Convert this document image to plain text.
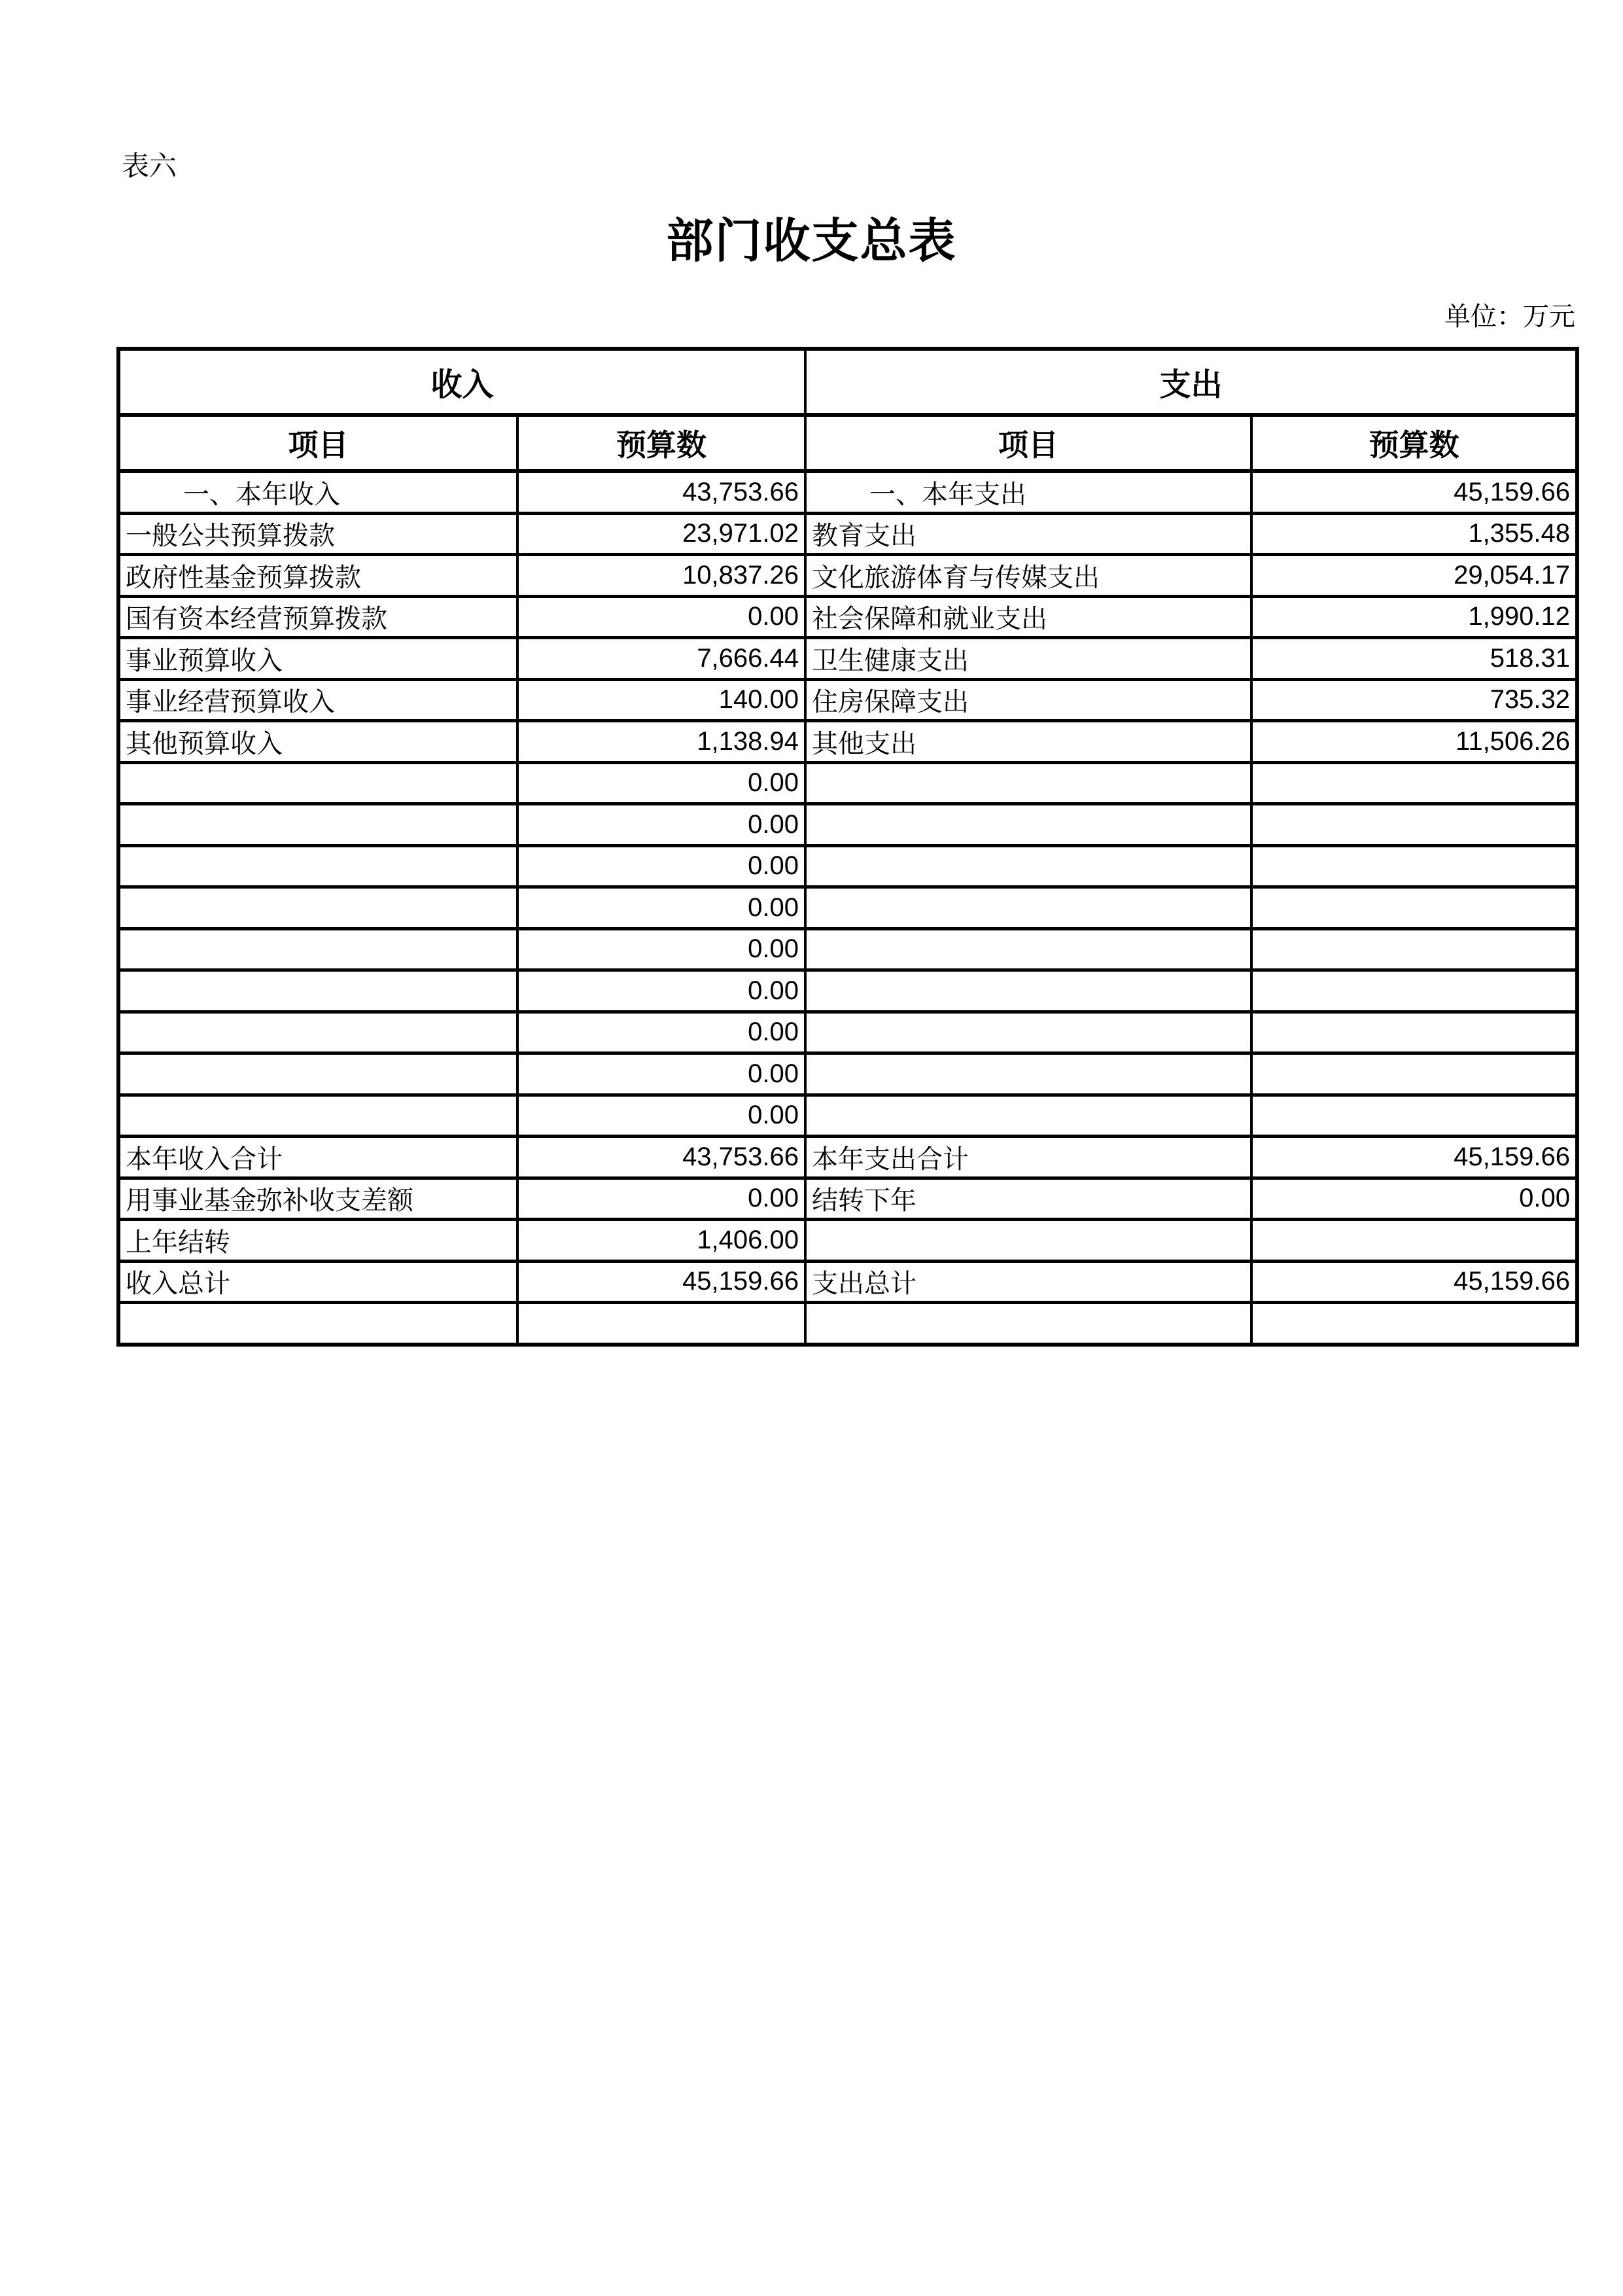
表六
部门收支总表
单位：万元
收入		支出	
项目	预算数	项目	预算数
一、本年收入	43,753.66	一、本年支出	45,159.66
一般公共预算拨款	23,971.02	教育支出	1,355.48
政府性基金预算拨款	10,837.26	文化旅游体育与传媒支出	29,054.17
国有资本经营预算拨款	0.00	社会保障和就业支出	1,990.12
事业预算收入	7,666.44	卫生健康支出	518.31
事业经营预算收入	140.00	住房保障支出	735.32
其他预算收入	1,138.94	其他支出	11,506.26
	0.00		
	0.00		
	0.00		
	0.00		
	0.00		
	0.00		
	0.00		
	0.00		
	0.00		
本年收入合计	43,753.66	本年支出合计	45,159.66
用事业基金弥补收支差额	0.00	结转下年	0.00
上年结转	1,406.00		
收入总计	45,159.66	支出总计	45,159.66
